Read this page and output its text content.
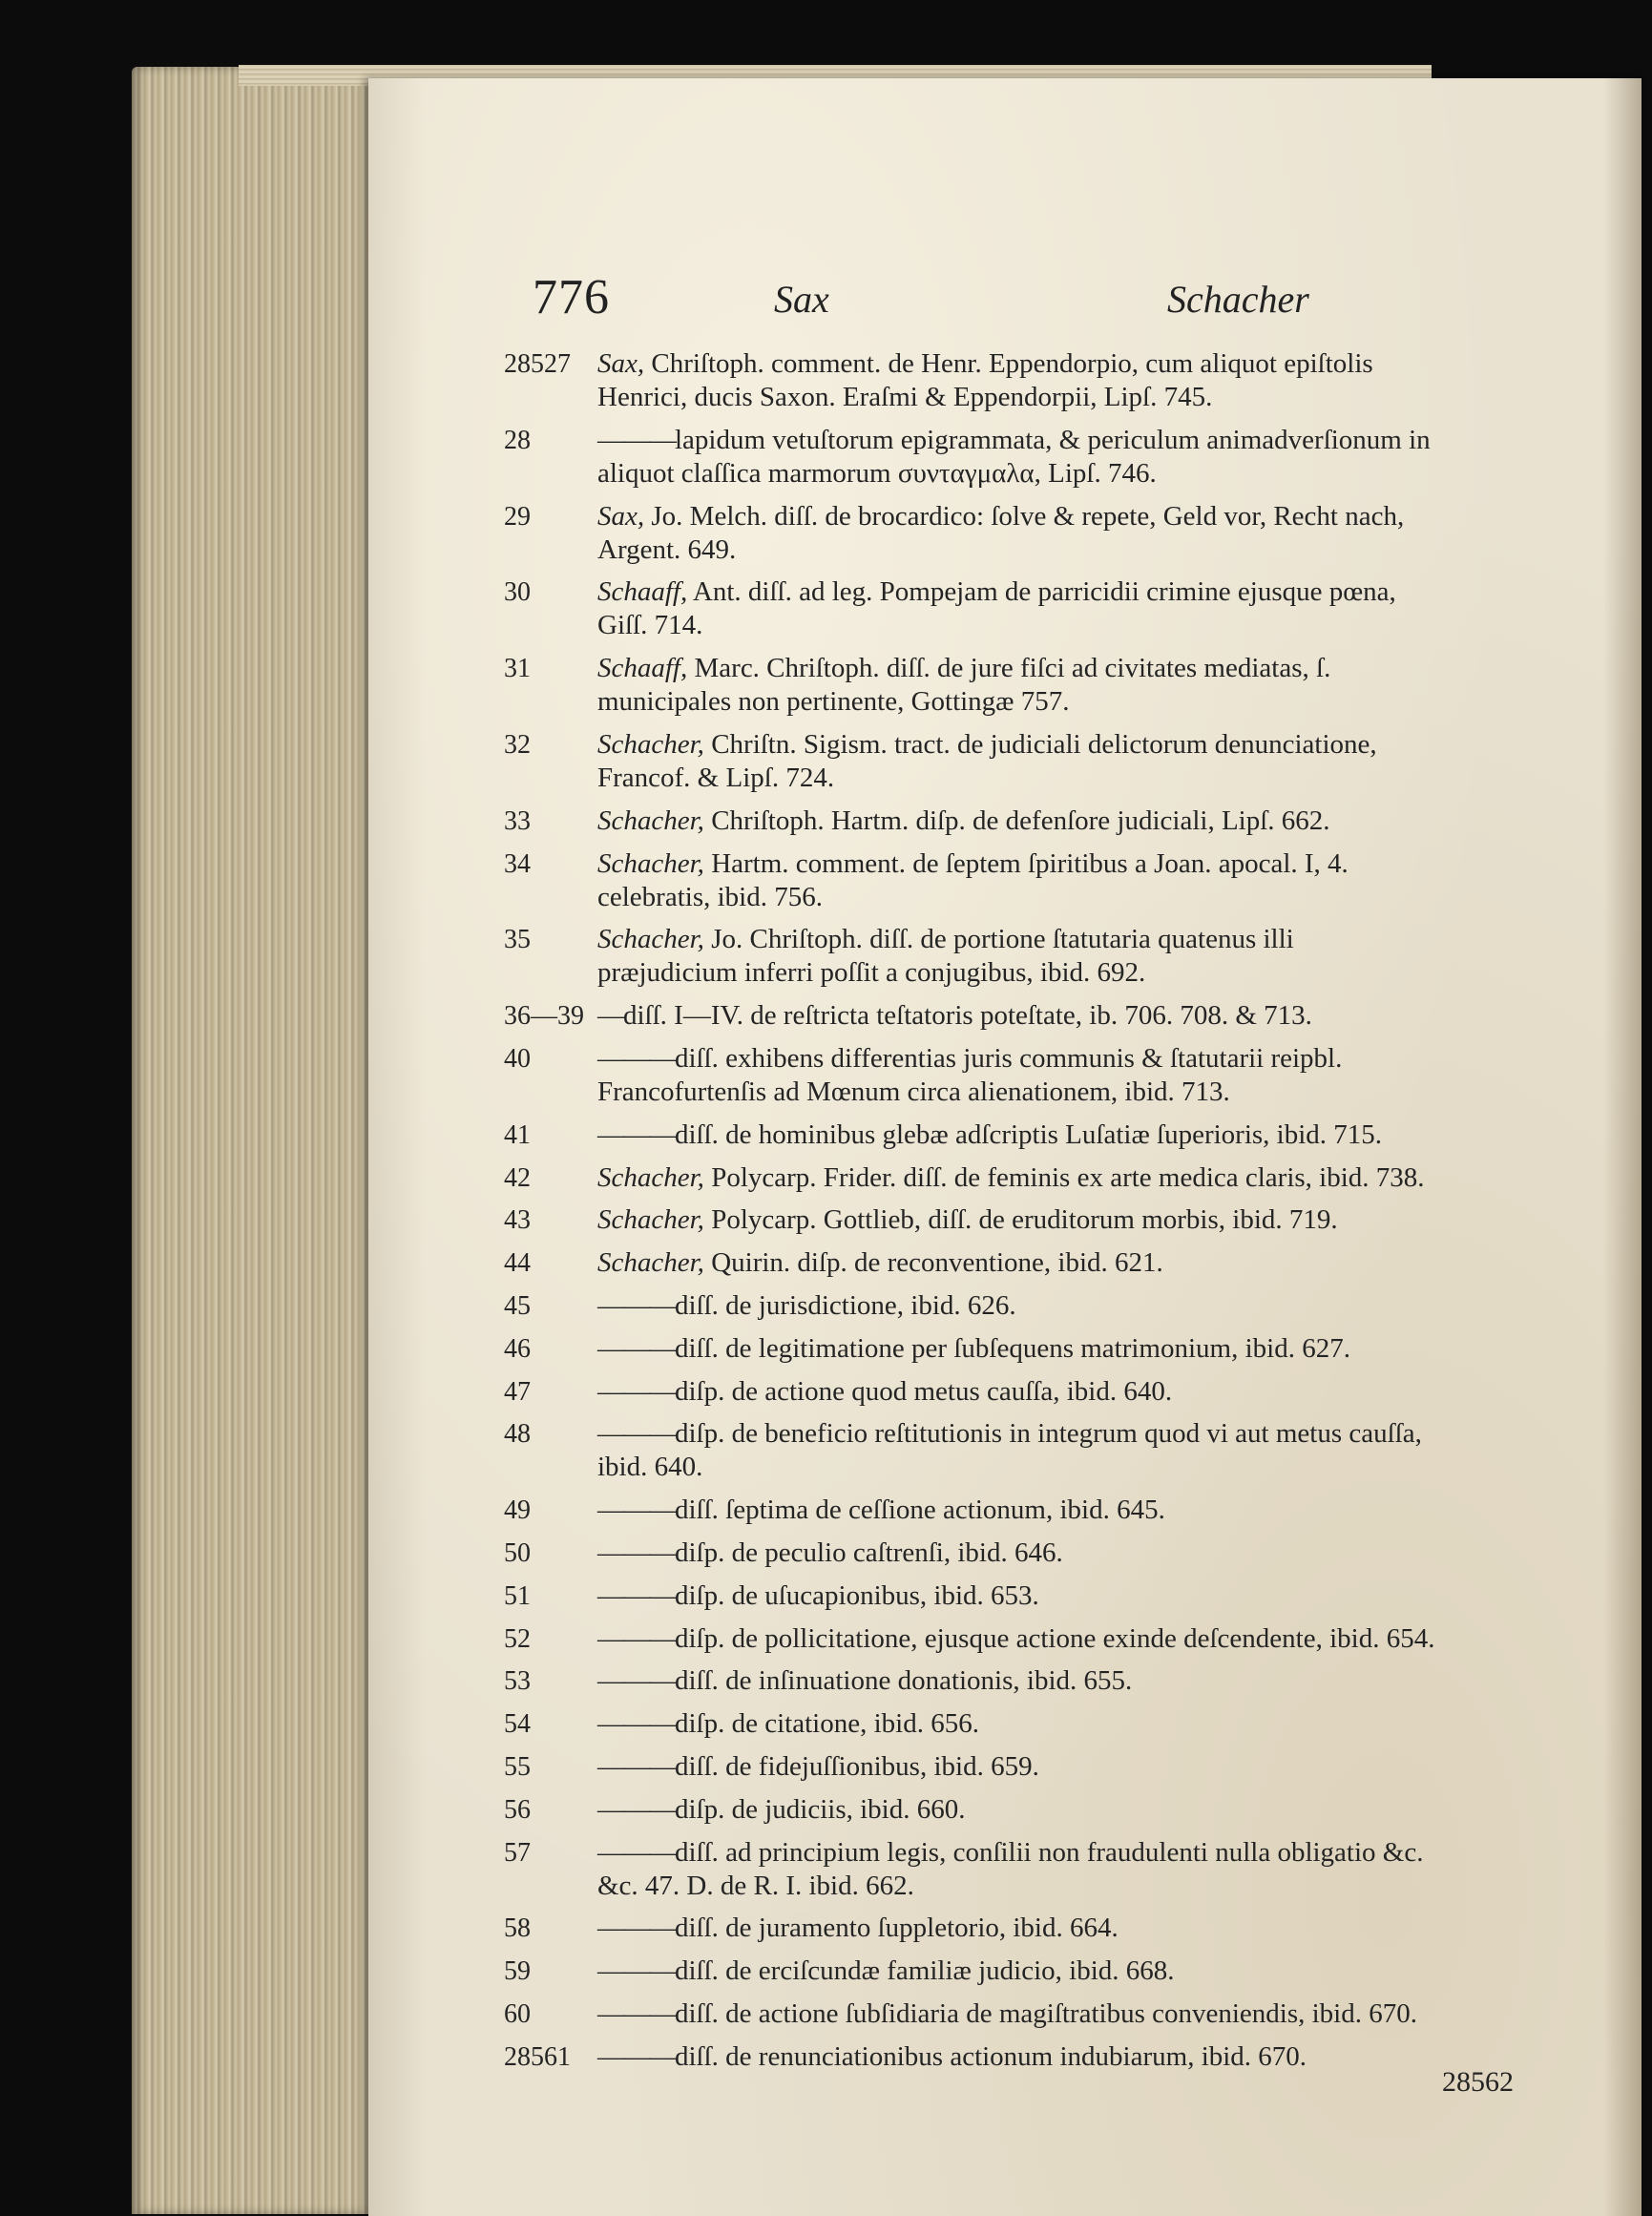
776	Sax	Schacher
28527 Sax, Chriſtoph. comment. de Henr. Eppendorpio, cum aliquot epiſtolis Henrici, ducis Saxon. Eraſmi & Eppendorpii, Lipſ. 745.
28	———lapidum vetuſtorum epigrammata, & periculum animadverſionum in aliquot claſſica marmorum συνταγμαλα, Lipſ. 746.
29	Sax, Jo. Melch. diſſ. de brocardico: ſolve & repete, Geld vor, Recht nach, Argent. 649.
30	Schaaff, Ant. diſſ. ad leg. Pompejam de parricidii crimine ejusque pœna, Giſſ. 714.
31	Schaaff, Marc. Chriſtoph. diſſ. de jure fiſci ad civitates mediatas, ſ. municipales non pertinente, Gottingæ 757.
32	Schacher, Chriſtn. Sigism. tract. de judiciali delictorum denunciatione, Francof. & Lipſ. 724.
33	Schacher, Chriſtoph. Hartm. diſp. de defenſore judiciali, Lipſ. 662.
34	Schacher, Hartm. comment. de ſeptem ſpiritibus a Joan. apocal. I, 4. celebratis, ibid. 756.
35	Schacher, Jo. Chriſtoph. diſſ. de portione ſtatutaria quatenus illi præjudicium inferri poſſit a conjugibus, ibid. 692.
36—39 —diſſ. I—IV. de reſtricta teſtatoris poteſtate, ib. 706. 708. & 713.
40	———diſſ. exhibens differentias juris communis & ſtatutarii reipbl. Francofurtenſis ad Mœnum circa alienationem, ibid. 713.
41	———diſſ. de hominibus glebæ adſcriptis Luſatiæ ſuperioris, ibid. 715.
42	Schacher, Polycarp. Frider. diſſ. de feminis ex arte medica claris, ibid. 738.
43	Schacher, Polycarp. Gottlieb, diſſ. de eruditorum morbis, ibid. 719.
44	Schacher, Quirin. diſp. de reconventione, ibid. 621.
45	———diſſ. de jurisdictione, ibid. 626.
46	———diſſ. de legitimatione per ſubſequens matrimonium, ibid. 627.
47	———diſp. de actione quod metus cauſſa, ibid. 640.
48	———diſp. de beneficio reſtitutionis in integrum quod vi aut metus cauſſa, ibid. 640.
49	———diſſ. ſeptima de ceſſione actionum, ibid. 645.
50	———diſp. de peculio caſtrenſi, ibid. 646.
51	———diſp. de uſucapionibus, ibid. 653.
52	———diſp. de pollicitatione, ejusque actione exinde deſcendente, ibid. 654.
53	———diſſ. de inſinuatione donationis, ibid. 655.
54	———diſp. de citatione, ibid. 656.
55	———diſſ. de fidejuſſionibus, ibid. 659.
56	———diſp. de judiciis, ibid. 660.
57	———diſſ. ad principium legis, conſilii non fraudulenti nulla obligatio &c. &c. 47. D. de R. I. ibid. 662.
58	———diſſ. de juramento ſuppletorio, ibid. 664.
59	———diſſ. de erciſcundæ familiæ judicio, ibid. 668.
60	———diſſ. de actione ſubſidiaria de magiſtratibus conveniendis, ibid. 670.
28561 ———diſſ. de renunciationibus actionum indubiarum, ibid. 670.
28562
